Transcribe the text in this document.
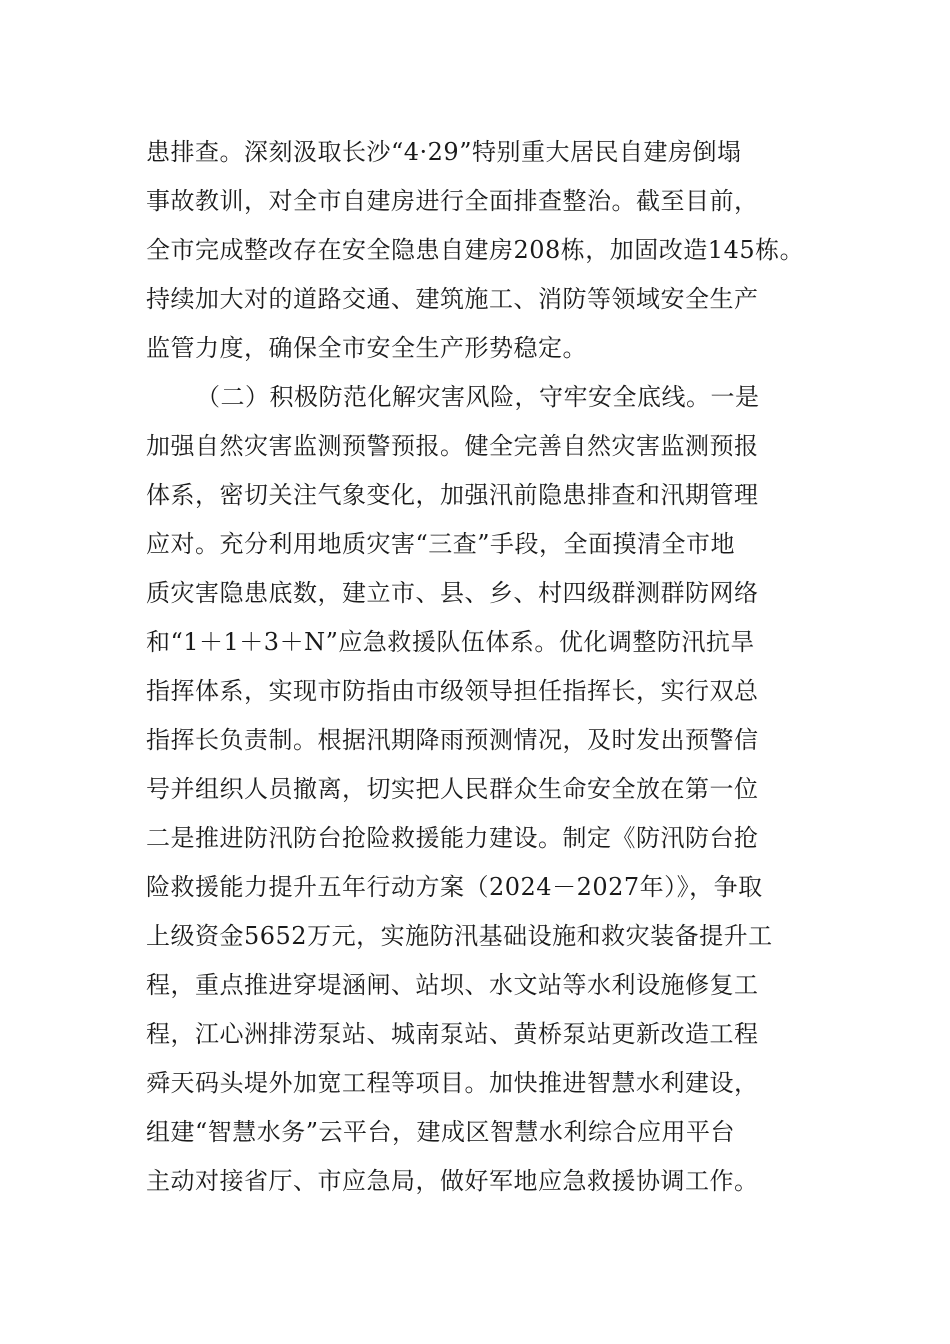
患排查。深刻汲取长沙“4·29”特别重大居民自建房倒塌
事故教训，对全市自建房进行全面排查整治。截至目前，
全市完成整改存在安全隐患自建房208栋，加固改造145栋。
持续加大对的道路交通、建筑施工、消防等领域安全生产
监管力度，确保全市安全生产形势稳定。
（二）积极防范化解灾害风险，守牢安全底线。一是
加强自然灾害监测预警预报。健全完善自然灾害监测预报
体系，密切关注气象变化，加强汛前隐患排查和汛期管理
应对。充分利用地质灾害“三查”手段，全面摸清全市地
质灾害隐患底数，建立市、县、乡、村四级群测群防网络
和“1＋1＋3＋N”应急救援队伍体系。优化调整防汛抗旱
指挥体系，实现市防指由市级领导担任指挥长，实行双总
指挥长负责制。根据汛期降雨预测情况，及时发出预警信
号并组织人员撤离，切实把人民群众生命安全放在第一位
二是推进防汛防台抢险救援能力建设。制定《防汛防台抢
险救援能力提升五年行动方案（2024－2027年）》，争取
上级资金5652万元，实施防汛基础设施和救灾装备提升工
程，重点推进穿堤涵闸、站坝、水文站等水利设施修复工
程，江心洲排涝泵站、城南泵站、黄桥泵站更新改造工程
舜天码头堤外加宽工程等项目。加快推进智慧水利建设，
组建“智慧水务”云平台，建成区智慧水利综合应用平台
主动对接省厅、市应急局，做好军地应急救援协调工作。
